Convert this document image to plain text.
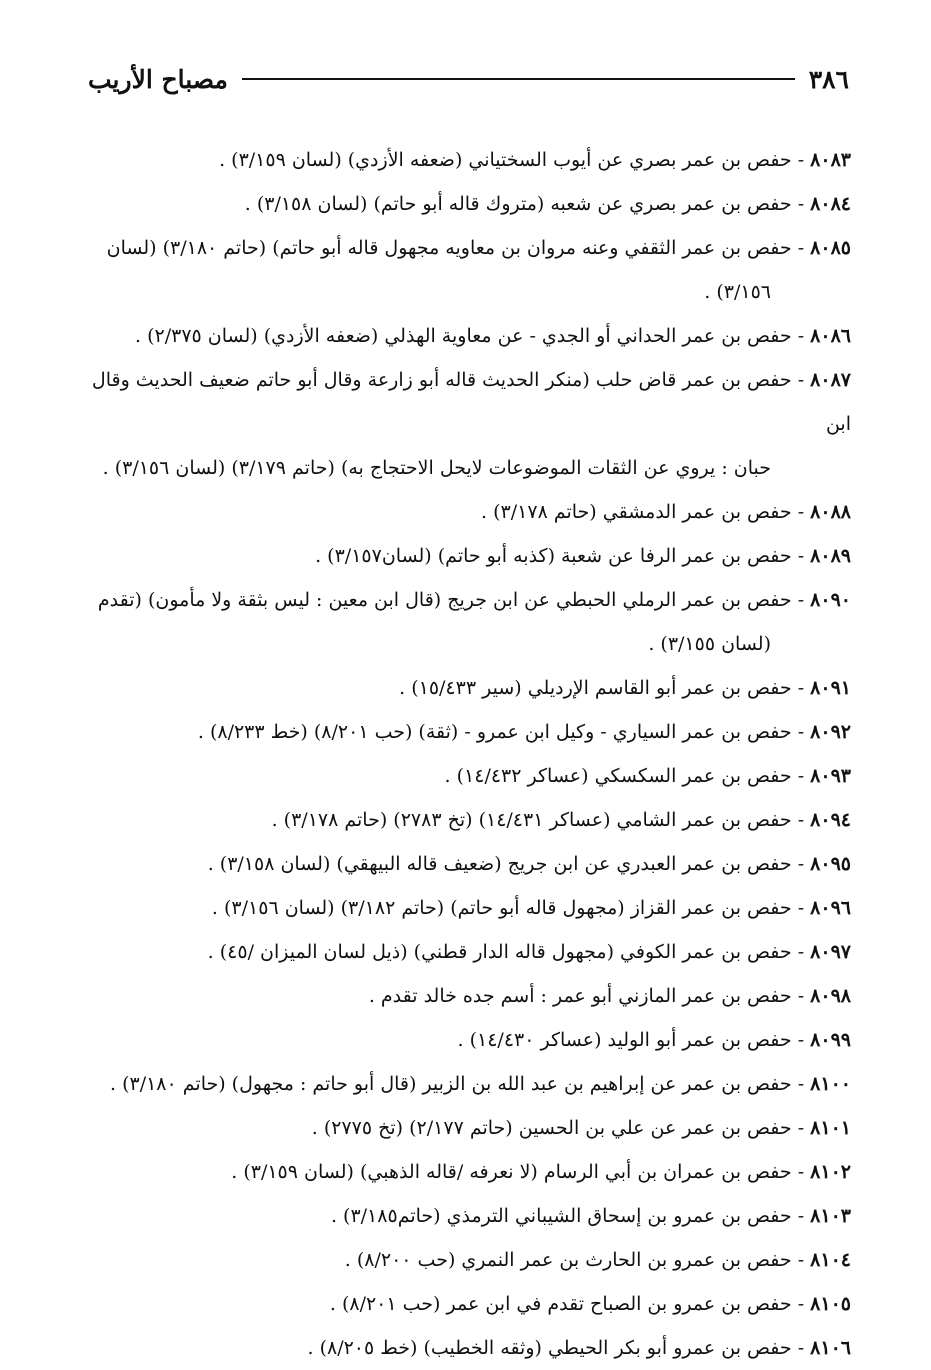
٣٨٦
مصباح الأريب

٨٠٨٣ - حفص بن عمر بصري عن أيوب السختياني (ضعفه الأزدي) (لسان ٣/١٥٩) .

٨٠٨٤ - حفص بن عمر بصري عن شعبه (متروك قاله أبو حاتم) (لسان ٣/١٥٨) .

٨٠٨٥ - حفص بن عمر الثقفي وعنه مروان بن معاويه مجهول قاله أبو حاتم) (حاتم ٣/١٨٠) (لسان
٣/١٥٦) .

٨٠٨٦ - حفص بن عمر الحداني أو الجدي - عن معاوية الهذلي (ضعفه الأزدي) (لسان ٢/٣٧٥) .

٨٠٨٧ - حفص بن عمر قاض حلب (منكر الحديث قاله أبو زارعة وقال أبو حاتم ضعيف الحديث وقال ابن
حبان : يروي عن الثقات الموضوعات لايحل الاحتجاج به) (حاتم ٣/١٧٩) (لسان ٣/١٥٦) .

٨٠٨٨ - حفص بن عمر الدمشقي (حاتم ٣/١٧٨) .

٨٠٨٩ - حفص بن عمر الرفا عن شعبة (كذبه أبو حاتم) (لسان٣/١٥٧) .

٨٠٩٠ - حفص بن عمر الرملي الحبطي عن ابن جريج (قال ابن معين : ليس بثقة ولا مأمون) (تقدم
(لسان ٣/١٥٥) .

٨٠٩١ - حفص بن عمر أبو القاسم الإرديلي (سير ١٥/٤٣٣) .

٨٠٩٢ - حفص بن عمر السياري - وكيل ابن عمرو - (ثقة) (حب ٨/٢٠١) (خط ٨/٢٣٣) .

٨٠٩٣ - حفص بن عمر السكسكي (عساكر ١٤/٤٣٢) .

٨٠٩٤ - حفص بن عمر الشامي (عساكر ١٤/٤٣١) (تخ ٢٧٨٣) (حاتم ٣/١٧٨) .

٨٠٩٥ - حفص بن عمر العبدري عن ابن جريج (ضعيف قاله البيهقي) (لسان ٣/١٥٨) .

٨٠٩٦ - حفص بن عمر القزاز (مجهول قاله أبو حاتم) (حاتم ٣/١٨٢) (لسان ٣/١٥٦) .

٨٠٩٧ - حفص بن عمر الكوفي (مجهول قاله الدار قطني) (ذيل لسان الميزان /٤٥) .

٨٠٩٨ - حفص بن عمر المازني أبو عمر : أسم جده خالد تقدم .

٨٠٩٩ - حفص بن عمر أبو الوليد (عساكر ١٤/٤٣٠) .

٨١٠٠ - حفص بن عمر عن إبراهيم بن عبد الله بن الزبير (قال أبو حاتم : مجهول) (حاتم ٣/١٨٠) .

٨١٠١ - حفص بن عمر عن علي بن الحسين (حاتم ٢/١٧٧) (تخ ٢٧٧٥) .

٨١٠٢ - حفص بن عمران بن أبي الرسام (لا نعرفه /قاله الذهبي) (لسان ٣/١٥٩) .

٨١٠٣ - حفص بن عمرو بن إسحاق الشيباني الترمذي (حاتم٣/١٨٥) .

٨١٠٤ - حفص بن عمرو بن الحارث بن عمر النمري (حب ٨/٢٠٠) .

٨١٠٥ - حفص بن عمرو بن الصباح تقدم في ابن عمر (حب ٨/٢٠١) .

٨١٠٦ - حفص بن عمرو أبو بكر الحيطي (وثقه الخطيب) (خط ٨/٢٠٥) .
